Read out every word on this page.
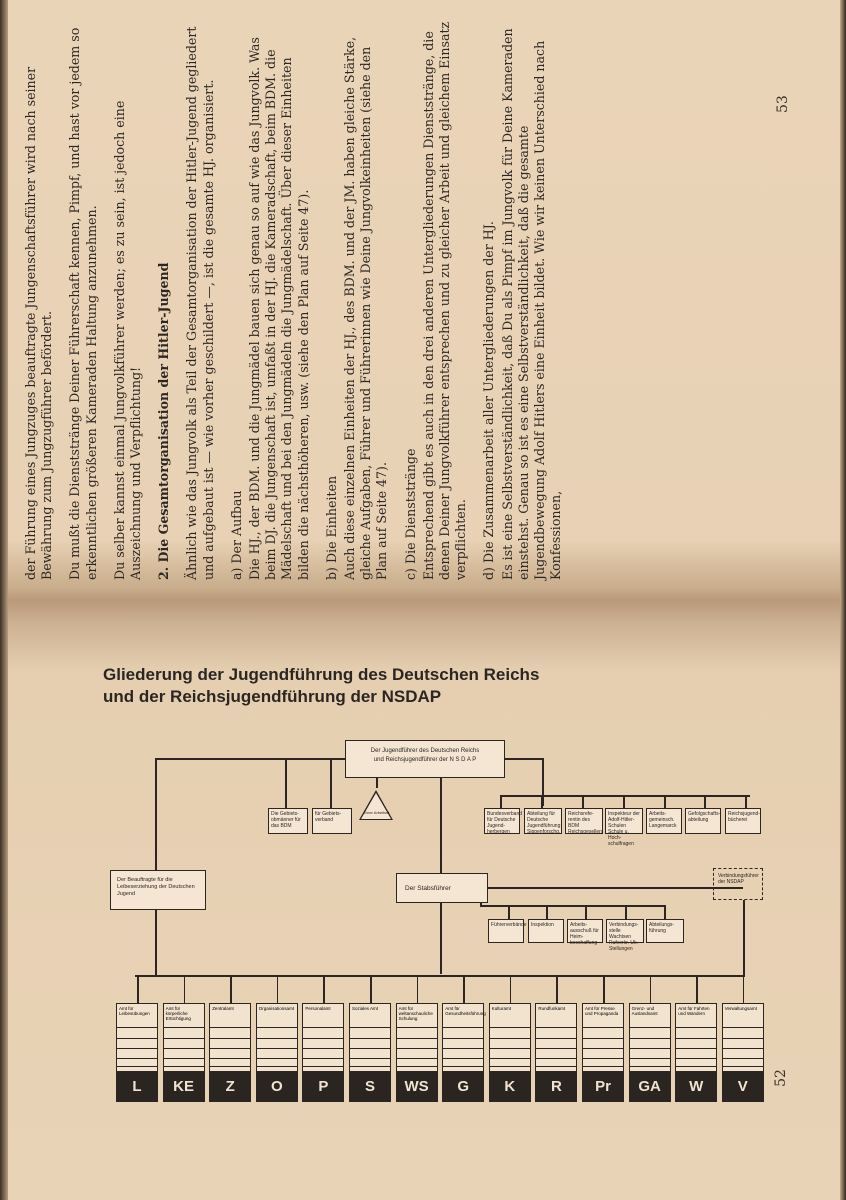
der Führung eines Jungzuges beauftragte Jungenschaftsführer wird nach seiner Bewährung zum Jungzugführer befördert. Du mußt die Dienststränge Deiner Führerschaft kennen, Pimpf, und hast vor jedem so erkenntlichen größeren Kameraden Haltung anzunehmen. Du selber kannst einmal Jungvolkführer werden; es zu sein, ist jedoch eine Auszeichnung und Verpflichtung! 2. Die Gesamtorganisation der Hitler-Jugend Ähnlich wie das Jungvolk als Teil der Gesamtorganisation der Hitler-Jugend gegliedert und aufgebaut ist — wie vorher geschildert —, ist die gesamte HJ. organisiert. a) Der Aufbau Die HJ., der BDM. und die Jungmädel bauen sich genau so auf wie das Jungvolk. Was beim DJ. die Jungenschaft ist, umfaßt in der HJ. die Kameradschaft, beim BDM. die Mädelschaft und bei den Jungmädeln die Jungmädelschaft. Über dieser Einheiten bilden die nächsthöheren, usw. (siehe den Plan auf Seite 47). b) Die Einheiten Auch diese einzelnen Einheiten der HJ., des BDM. und der JM. haben gleiche Stärke, gleiche Aufgaben, Führer und Führerinnen wie Deine Jungvolkeinheiten (siehe den Plan auf Seite 47). c) Die Dienststränge Entsprechend gibt es auch in den drei anderen Untergliederungen Dienststränge, die denen Deiner Jungvolkführer entsprechen und zu gleicher Arbeit und gleichem Einsatz verpflichten. d) Die Zusammenarbeit aller Untergliederungen der HJ. Es ist eine Selbstverständlichkeit, daß Du als Pimpf im Jungvolk für Deine Kameraden einstehst. Genau so ist es eine Selbstverständlichkeit, daß die gesamte Jugendbewegung Adolf Hitlers eine Einheit bildet. Wie wir keinen Unterschied nach Konfessionen,

53
Gliederung der Jugendführung des Deutschen Reichs
und der Reichsjugendführung der NSDAP
Der Jugendführer des Deutschen Reichs
und Reichsjugendführer der N S D A P
Die Gebiets-obmänner für das BDM
für Gebiets-verband
Einer Arbeitsst.	Bundesverband für Deutsche Jugend-herbergen
Abteilung für Deutsche Jugendführung Sippenforschg.
Reichsrefe-rentin des BDM Reichsgesellen
Inspekteur der Adolf-Hitler-Schulen Schule u. Hoch-schulfragen
Arbeits-gemeinsch. Langemarck
Gefolgschafts-abteilung
Reichsjugend-bücherei
Der Beauftragte für die Leibeserziehung der Deutschen Jugend
Der Stabsführer
Führerverbände Inspektion	Arbeits-ausschuß für Heim-beschaffung
Verbindungs-stelle Wachtsen Rufverkr. Uk.-Stellungen
Abteilungs-führung
Verbindungsführer der NSDAP
Amt für Leibesübungen
L
Amt für körperliche Ertüchtigung
KE
Zentralamt
Z
Organisationsamt
O
Personalamt
P
Soziales Amt
S
Amt für weltanschauliche Schulung
WS
Amt für Gesundheitsführung
G
Kulturamt
K
Rundfunkamt
R
Amt für Presse und Propaganda
Pr
Grenz- und Auslandsamt
GA
Amt für Fahrten und Wandern
W
Verwaltungsamt
V	52
